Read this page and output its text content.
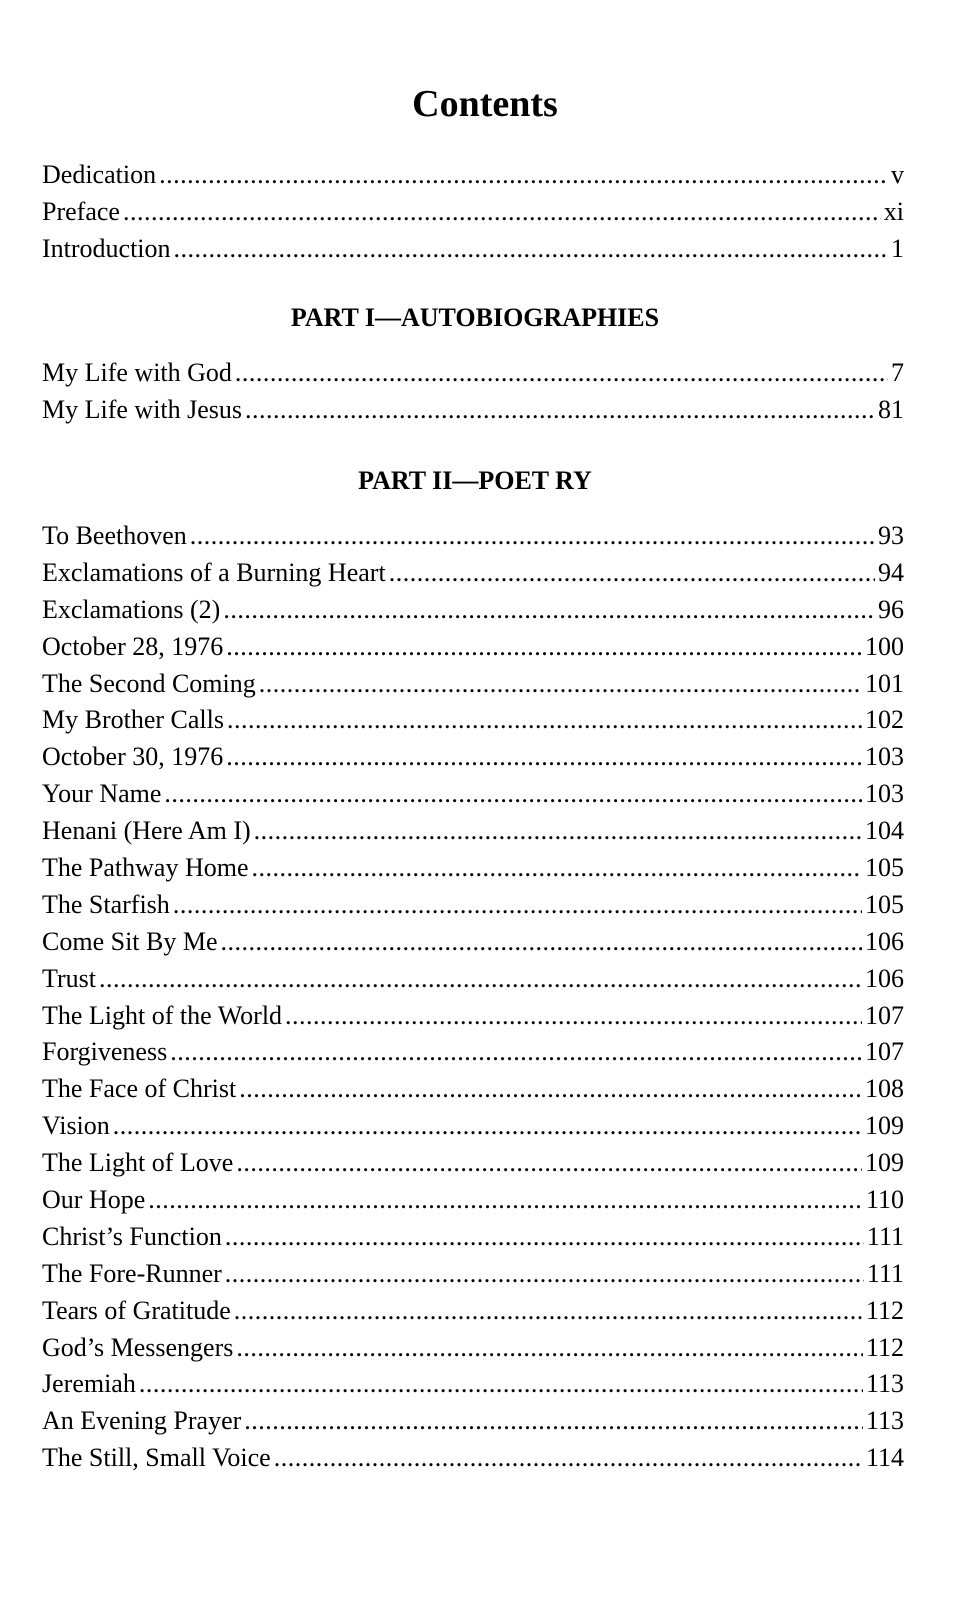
Contents
Dedication . . .	v
Preface . . .	xi
Introduction . . .	1
PART I—AUTOBIOGRAPHIES
My Life with God . . .	7
My Life with Jesus . . .	81
PART II—POET RY
To Beethoven . . .	93
Exclamations of a Burning Heart . . .	94
Exclamations (2) . . .	96
October 28, 1976 . . .	100
The Second Coming . . .	101
My Brother Calls . . .	102
October 30, 1976 . . .	103
Your Name . . .	103
Henani (Here Am I) . . .	104
The Pathway Home . . .	105
The Starfish . . .	105
Come Sit By Me . . .	106
Trust . . .	106
The Light of the World . . .	107
Forgiveness . . .	107
The Face of Christ . . .	108
Vision . . .	109
The Light of Love . . .	109
Our Hope . . .	110
Christ’s Function . . .	111
The Fore-Runner . . .	111
Tears of Gratitude . . .	112
God’s Messengers . . .	112
Jeremiah . . .	113
An Evening Prayer . . .	113
The Still, Small Voice . . .	114
